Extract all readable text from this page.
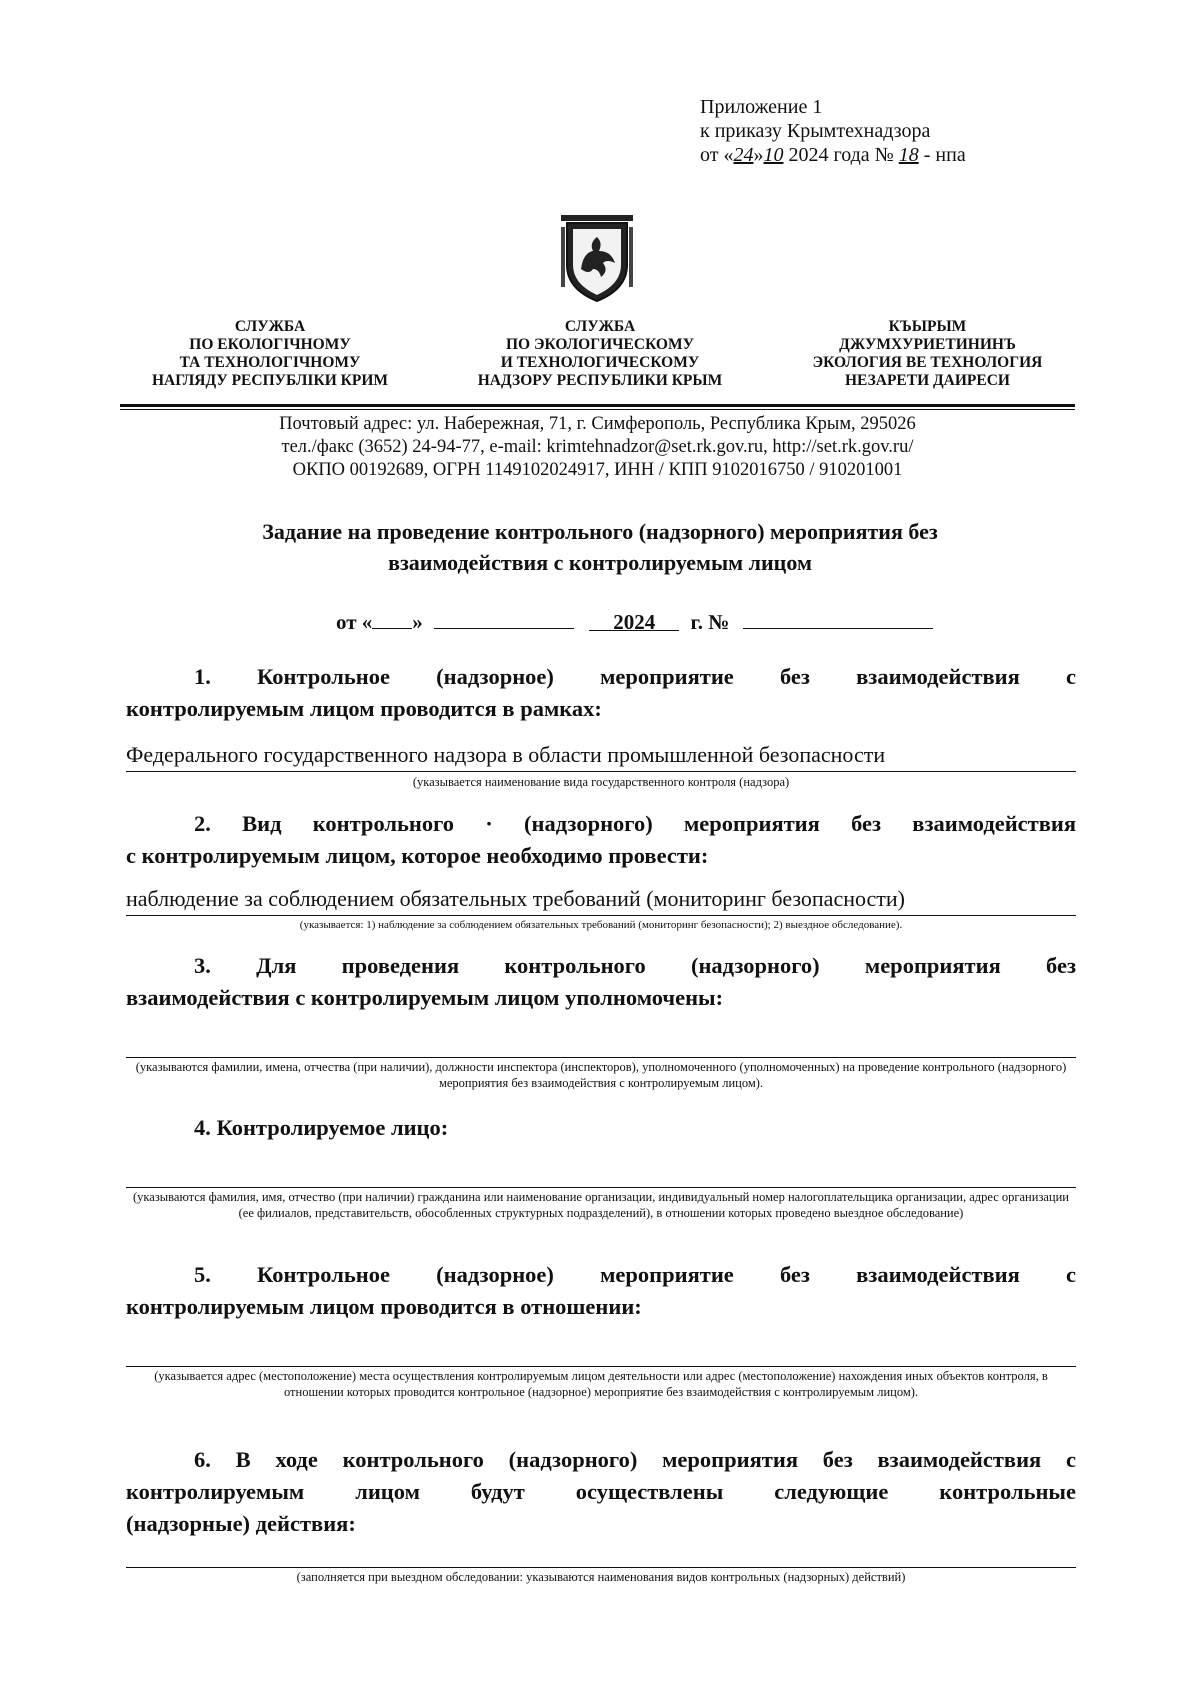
Приложение 1
к приказу Крымтехнадзора
от «24»10 2024 года № 18 - нпа
СЛУЖБА
ПО ЕКОЛОГІЧНОМУ
ТА ТЕХНОЛОГІЧНОМУ
НАГЛЯДУ РЕСПУБЛІКИ КРИМ
СЛУЖБА
ПО ЭКОЛОГИЧЕСКОМУ
И ТЕХНОЛОГИЧЕСКОМУ
НАДЗОРУ РЕСПУБЛИКИ КРЫМ
КЪЫРЫМ
ДЖУМХУРИЕТИНИНЪ
ЭКОЛОГИЯ ВЕ ТЕХНОЛОГИЯ
НЕЗАРЕТИ ДАИРЕСИ
Почтовый адрес: ул. Набережная, 71, г. Симферополь, Республика Крым, 295026
тел./факс (3652) 24-94-77, e-mail: krimtehnadzor@set.rk.gov.ru, http://set.rk.gov.ru/
ОКПО 00192689, ОГРН 1149102024917, ИНН / КПП 9102016750 / 910201001
Задание на проведение контрольного (надзорного) мероприятия без
взаимодействия с контролируемым лицом
от « »	2024 г. №
1. Контрольное (надзорное) мероприятие без взаимодействия с
контролируемым лицом проводится в рамках:
Федерального государственного надзора в области промышленной безопасности
(указывается наименование вида государственного контроля (надзора)
2. Вид контрольного · (надзорного) мероприятия без взаимодействия
с контролируемым лицом, которое необходимо провести:
наблюдение за соблюдением обязательных требований (мониторинг безопасности)
(указывается: 1) наблюдение за соблюдением обязательных требований (мониторинг безопасности); 2) выездное обследование).
3. Для проведения контрольного (надзорного) мероприятия без
взаимодействия с контролируемым лицом уполномочены:
(указываются фамилии, имена, отчества (при наличии), должности инспектора (инспекторов), уполномоченного (уполномоченных) на проведение контрольного (надзорного) мероприятия без взаимодействия с контролируемым лицом).
4. Контролируемое лицо:
(указываются фамилия, имя, отчество (при наличии) гражданина или наименование организации, индивидуальный номер налогоплательщика организации, адрес организации (ее филиалов, представительств, обособленных структурных подразделений), в отношении которых проведено выездное обследование)
5. Контрольное (надзорное) мероприятие без взаимодействия с
контролируемым лицом проводится в отношении:
(указывается адрес (местоположение) места осуществления контролируемым лицом деятельности или адрес (местоположение) нахождения иных объектов контроля, в отношении которых проводится контрольное (надзорное) мероприятие без взаимодействия с контролируемым лицом).
6. В ходе контрольного (надзорного) мероприятия без взаимодействия с
контролируемым лицом будут осуществлены следующие контрольные
(надзорные) действия:
(заполняется при выездном обследовании: указываются наименования видов контрольных (надзорных) действий)
